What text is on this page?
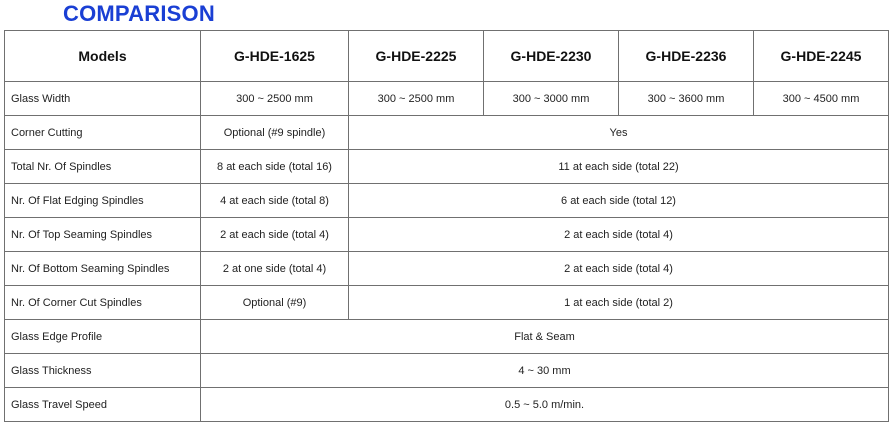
COMPARISON
Models	G-HDE-1625	G-HDE-2225	G-HDE-2230	G-HDE-2236	G-HDE-2245
Glass Width	300 ~ 2500 mm	300 ~ 2500 mm	300 ~ 3000 mm	300 ~ 3600 mm	300 ~ 4500 mm
Corner Cutting	Optional (#9 spindle)	Yes			
Total Nr. Of Spindles	8 at each side (total 16)	11 at each side (total 22)			
Nr. Of Flat Edging Spindles	4 at each side (total 8)	6 at each side (total 12)			
Nr. Of Top Seaming Spindles	2 at each side (total 4)	2 at each side (total 4)			
Nr. Of Bottom Seaming Spindles	2 at one side (total 4)	2 at each side (total 4)			
Nr. Of Corner Cut Spindles	Optional (#9)	1 at each side (total 2)			
Glass Edge Profile	Flat & Seam				
Glass Thickness	4 ~ 30 mm				
Glass Travel Speed	0.5 ~ 5.0 m/min.				
